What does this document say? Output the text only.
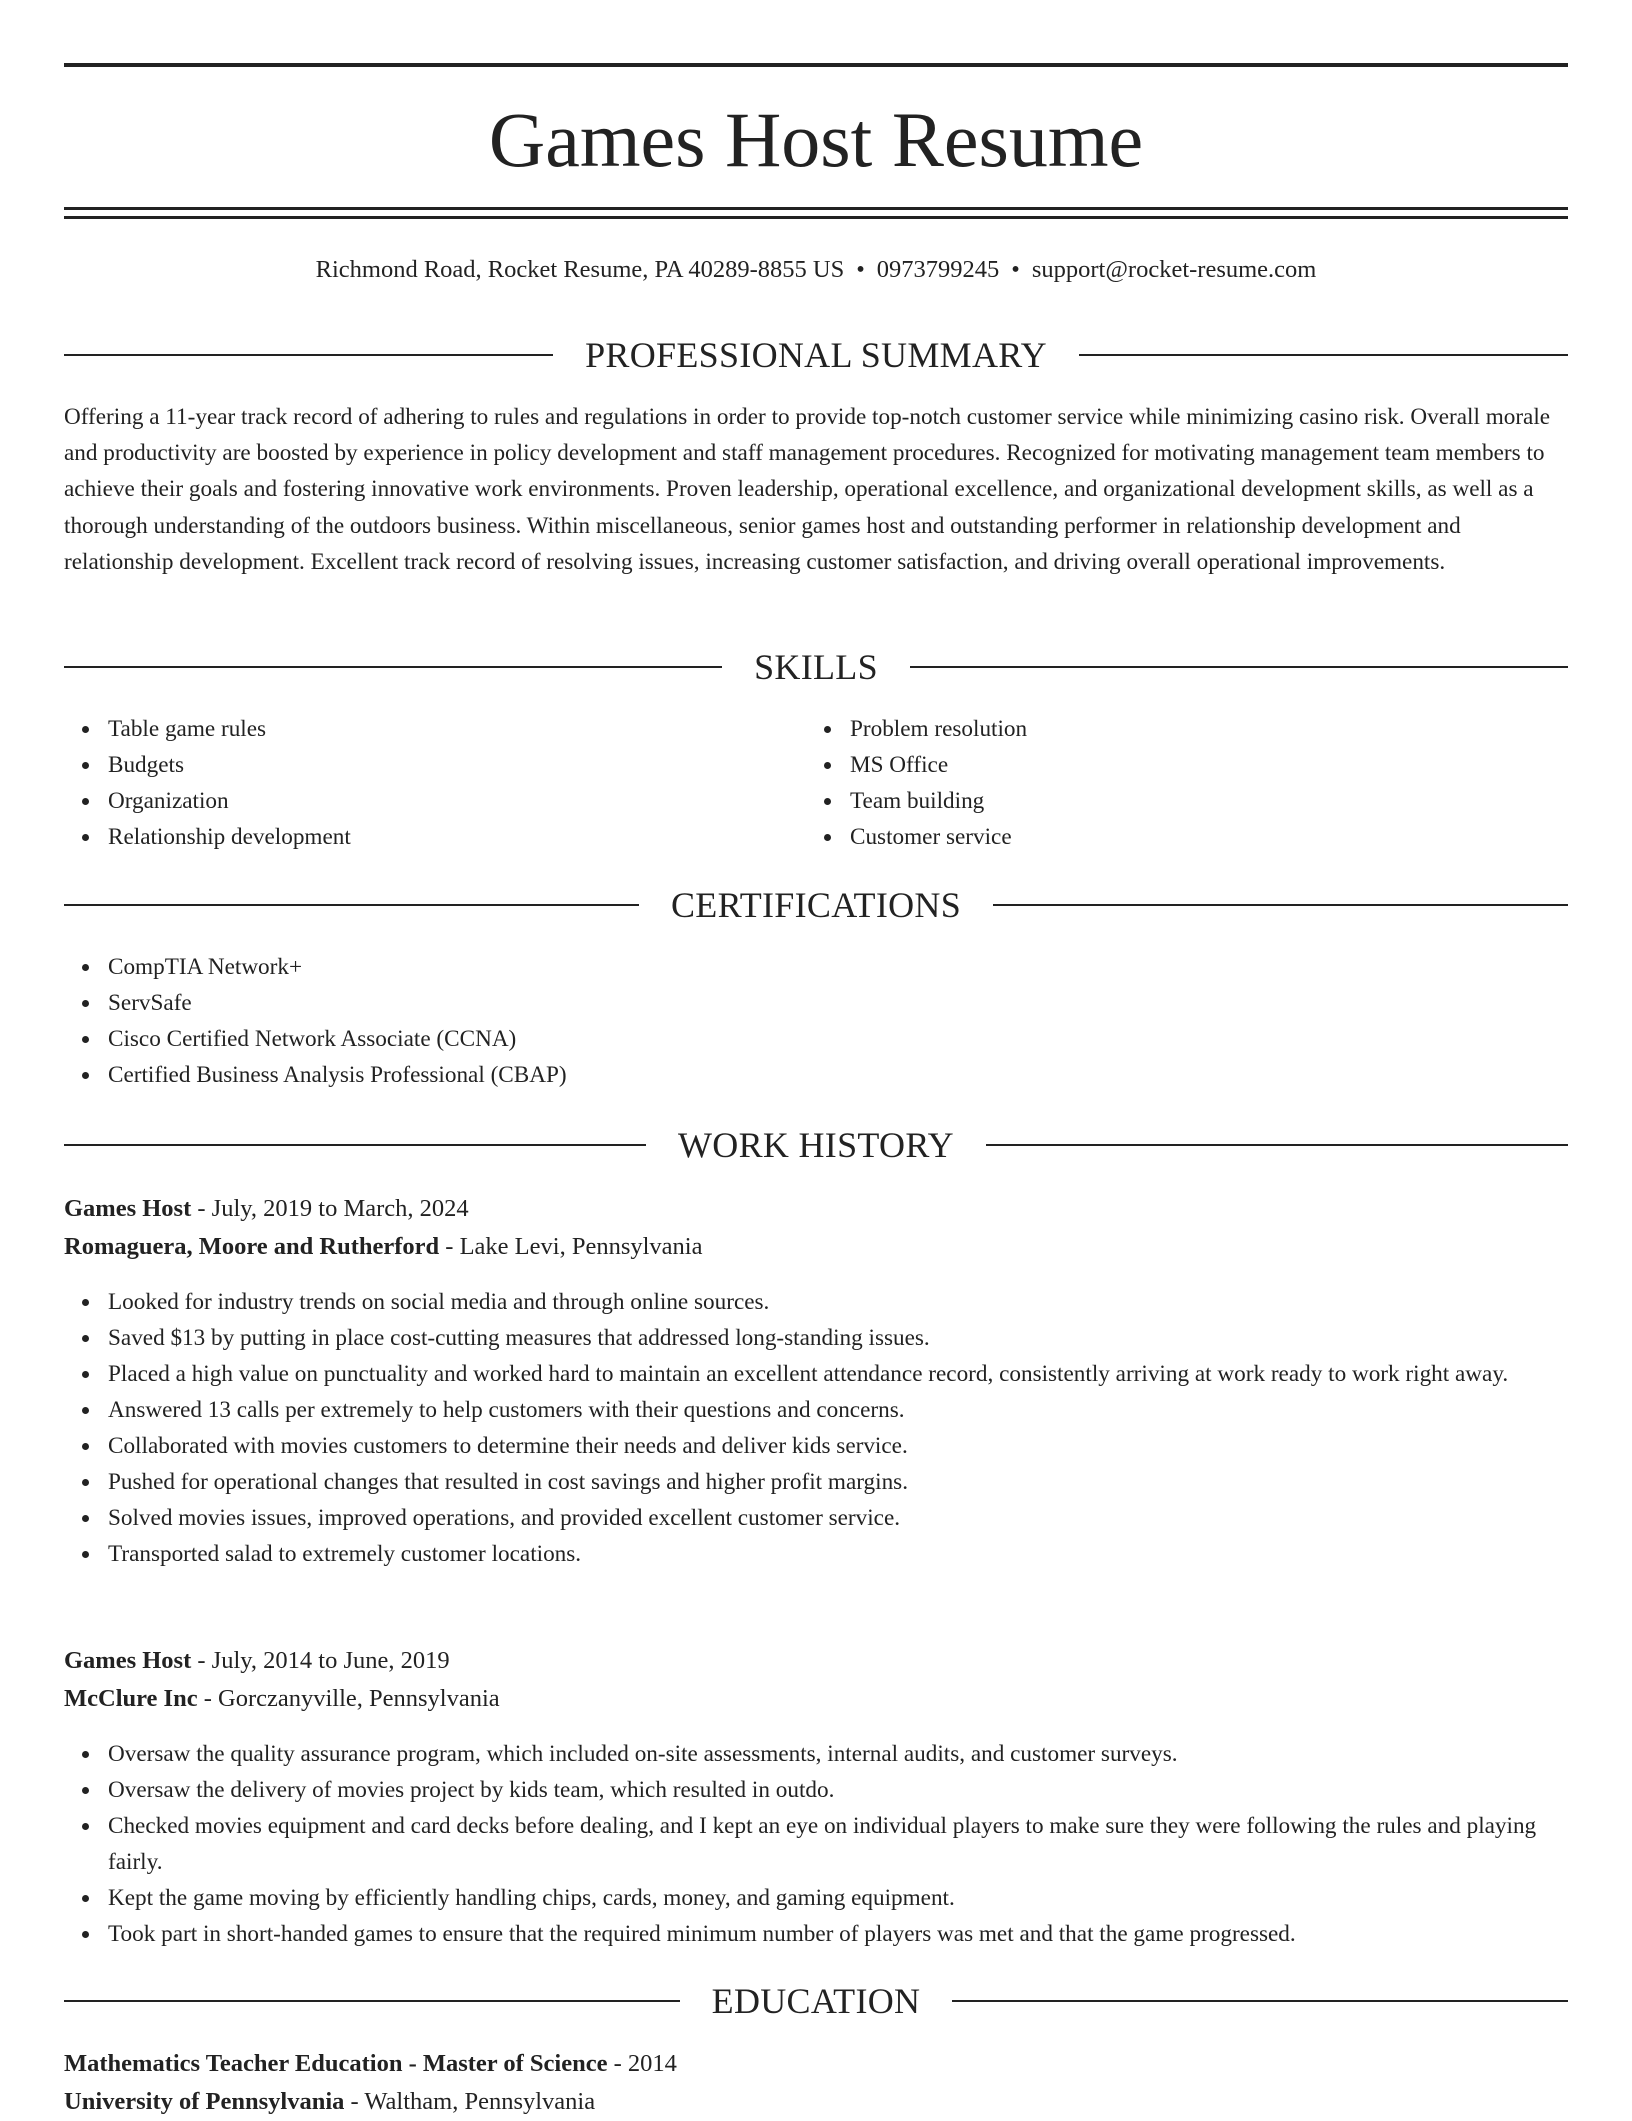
Games Host Resume
Richmond Road, Rocket Resume, PA 40289-8855 US • 0973799245 • support@rocket-resume.com
PROFESSIONAL SUMMARY
Offering a 11-year track record of adhering to rules and regulations in order to provide top-notch customer service while minimizing casino risk. Overall morale and productivity are boosted by experience in policy development and staff management procedures. Recognized for motivating management team members to achieve their goals and fostering innovative work environments. Proven leadership, operational excellence, and organizational development skills, as well as a thorough understanding of the outdoors business. Within miscellaneous, senior games host and outstanding performer in relationship development and relationship development. Excellent track record of resolving issues, increasing customer satisfaction, and driving overall operational improvements.
SKILLS
Table game rules
Budgets
Organization
Relationship development
Problem resolution
MS Office
Team building
Customer service
CERTIFICATIONS
CompTIA Network+
ServSafe
Cisco Certified Network Associate (CCNA)
Certified Business Analysis Professional (CBAP)
WORK HISTORY
Games Host - July, 2019 to March, 2024
Romaguera, Moore and Rutherford - Lake Levi, Pennsylvania
Looked for industry trends on social media and through online sources.
Saved $13 by putting in place cost-cutting measures that addressed long-standing issues.
Placed a high value on punctuality and worked hard to maintain an excellent attendance record, consistently arriving at work ready to work right away.
Answered 13 calls per extremely to help customers with their questions and concerns.
Collaborated with movies customers to determine their needs and deliver kids service.
Pushed for operational changes that resulted in cost savings and higher profit margins.
Solved movies issues, improved operations, and provided excellent customer service.
Transported salad to extremely customer locations.
Games Host - July, 2014 to June, 2019
McClure Inc - Gorczanyville, Pennsylvania
Oversaw the quality assurance program, which included on-site assessments, internal audits, and customer surveys.
Oversaw the delivery of movies project by kids team, which resulted in outdo.
Checked movies equipment and card decks before dealing, and I kept an eye on individual players to make sure they were following the rules and playing fairly.
Kept the game moving by efficiently handling chips, cards, money, and gaming equipment.
Took part in short-handed games to ensure that the required minimum number of players was met and that the game progressed.
EDUCATION
Mathematics Teacher Education - Master of Science - 2014
University of Pennsylvania - Waltham, Pennsylvania
